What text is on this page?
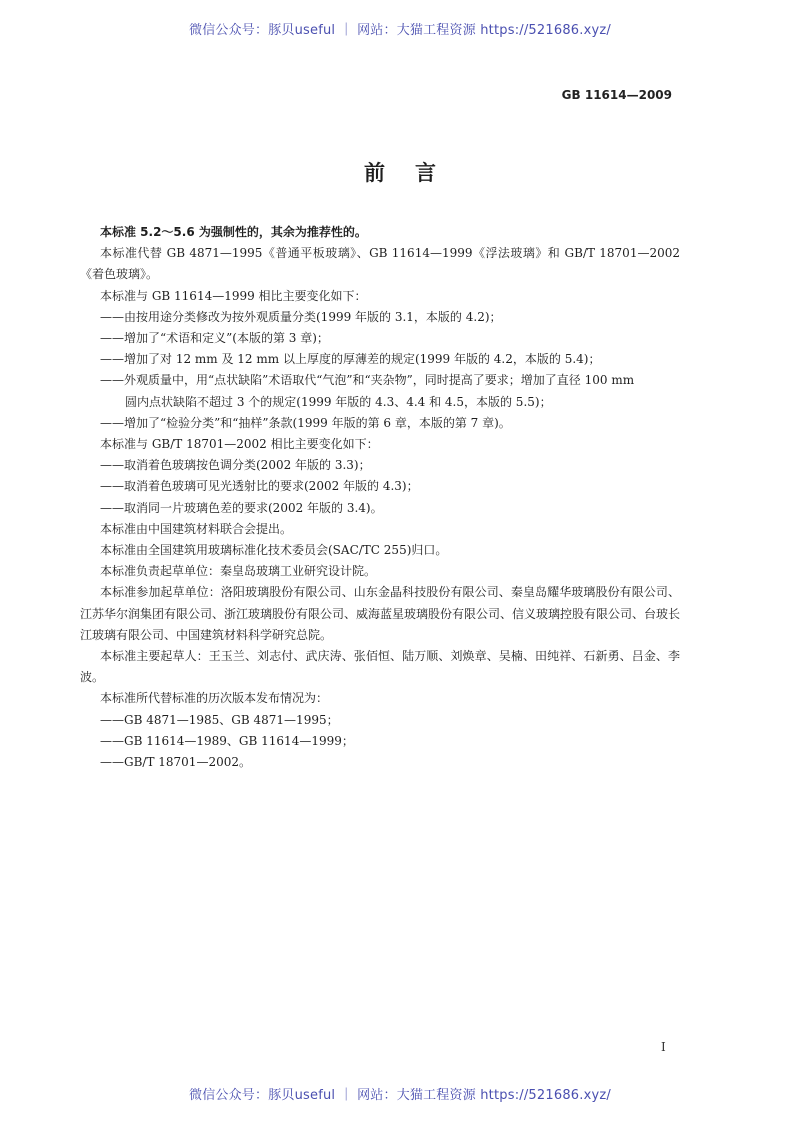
微信公众号：豚贝useful ｜ 网站：大猫工程资源 https://521686.xyz/
GB 11614—2009
前言

本标准 5.2～5.6 为强制性的，其余为推荐性的。

本标准代替 GB 4871—1995《普通平板玻璃》、GB 11614—1999《浮法玻璃》和 GB/T 18701—2002《着色玻璃》。

本标准与 GB 11614—1999 相比主要变化如下：

——由按用途分类修改为按外观质量分类(1999 年版的 3.1，本版的 4.2)；

——增加了“术语和定义”(本版的第 3 章)；

——增加了对 12 mm 及 12 mm 以上厚度的厚薄差的规定(1999 年版的 4.2，本版的 5.4)；

——外观质量中，用“点状缺陷”术语取代“气泡”和“夹杂物”，同时提高了要求；增加了直径 100 mm

圆内点状缺陷不超过 3 个的规定(1999 年版的 4.3、4.4 和 4.5，本版的 5.5)；

——增加了“检验分类”和“抽样”条款(1999 年版的第 6 章，本版的第 7 章)。

本标准与 GB/T 18701—2002 相比主要变化如下：

——取消着色玻璃按色调分类(2002 年版的 3.3)；

——取消着色玻璃可见光透射比的要求(2002 年版的 4.3)；

——取消同一片玻璃色差的要求(2002 年版的 3.4)。

本标准由中国建筑材料联合会提出。

本标准由全国建筑用玻璃标准化技术委员会(SAC/TC 255)归口。

本标准负责起草单位：秦皇岛玻璃工业研究设计院。

本标准参加起草单位：洛阳玻璃股份有限公司、山东金晶科技股份有限公司、秦皇岛耀华玻璃股份有限公司、江苏华尔润集团有限公司、浙江玻璃股份有限公司、威海蓝星玻璃股份有限公司、信义玻璃控股有限公司、台玻长江玻璃有限公司、中国建筑材料科学研究总院。

本标准主要起草人：王玉兰、刘志付、武庆涛、张佰恒、陆万顺、刘焕章、吴楠、田纯祥、石新勇、吕金、李波。

本标准所代替标准的历次版本发布情况为：

——GB 4871—1985、GB 4871—1995；

——GB 11614—1989、GB 11614—1999；

——GB/T 18701—2002。

I
微信公众号：豚贝useful ｜ 网站：大猫工程资源 https://521686.xyz/
